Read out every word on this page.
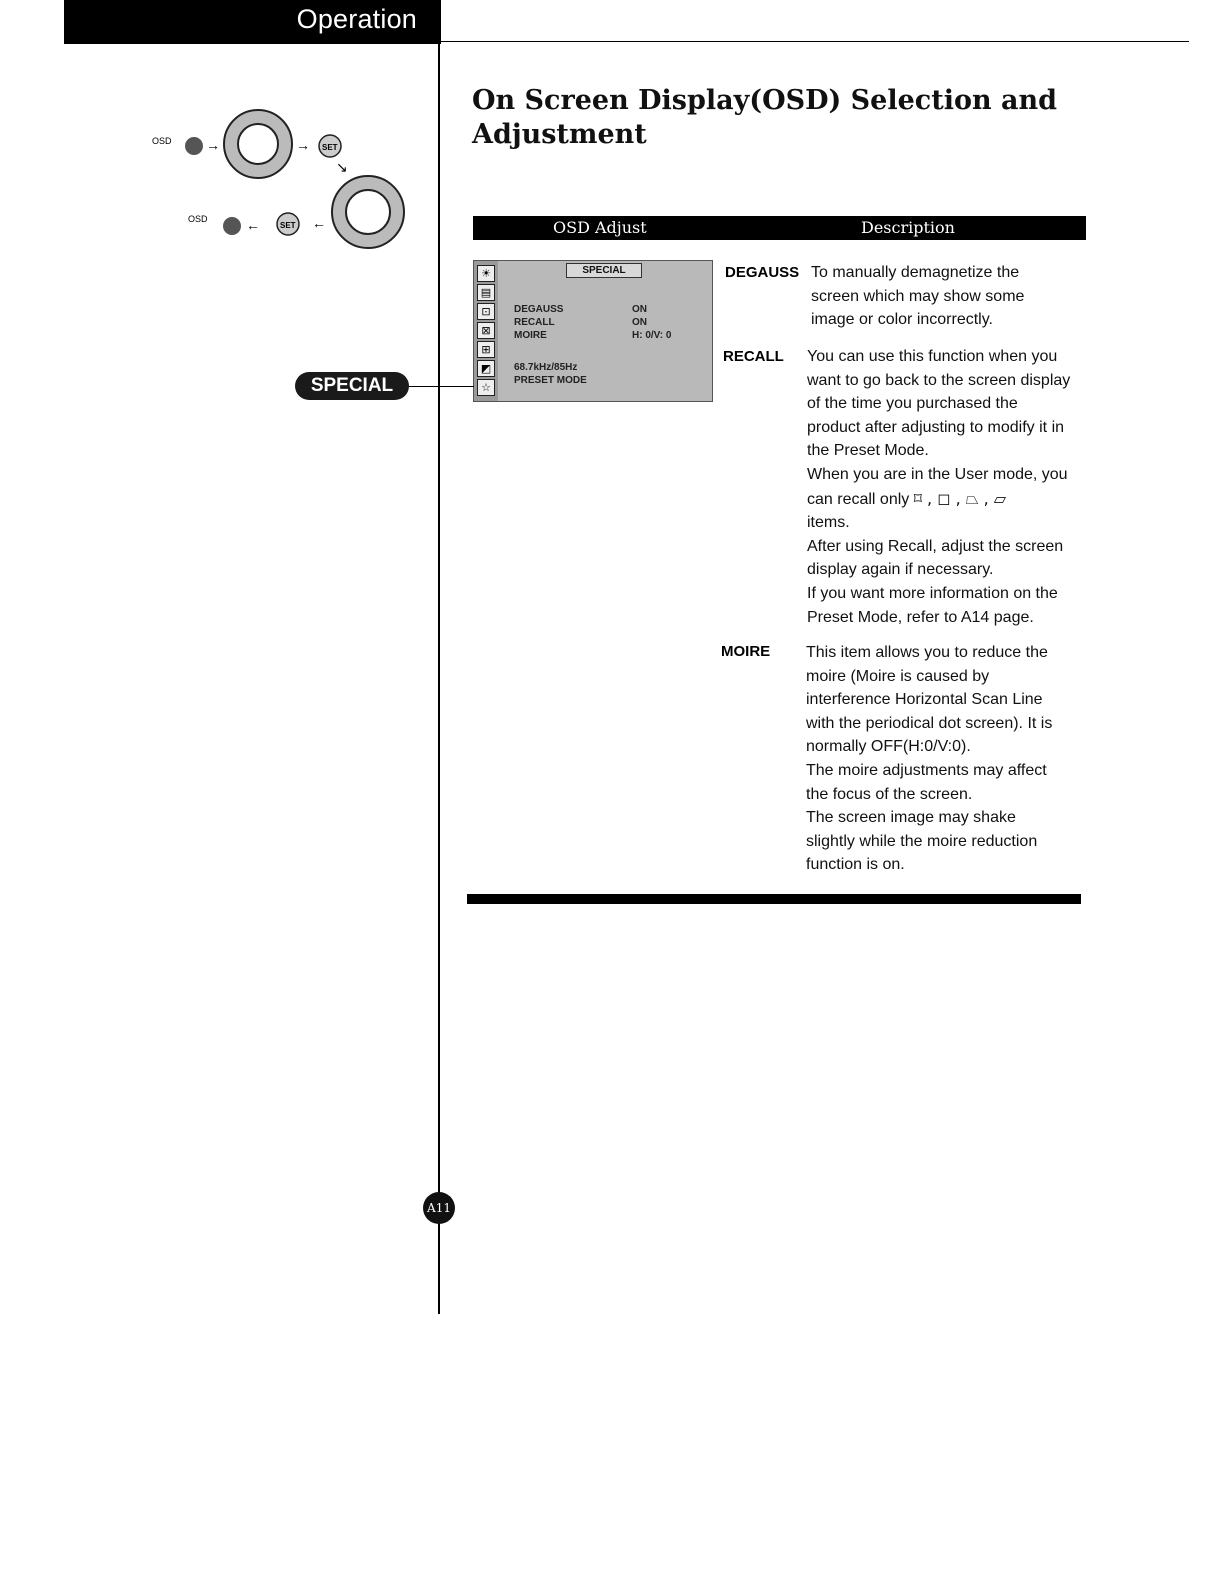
Operation
OSD →	→ SET
↘
←
SET
←
OSD
On Screen Display(OSD) Selection and Adjustment
OSD Adjust	Description
☀
▤
⊡
⊠
⊞
◩
☆
SPECIAL
DEGAUSS	ON
RECALL	ON
MOIRE	H: 0/V: 0
68.7kHz/85Hz
PRESET MODE
SPECIAL
DEGAUSS To manually demagnetize the

screen which may show some

image or color incorrectly.

RECALL You can use this function when you

want to go back to the screen display

of the time you purchased the

product after adjusting to modify it in

the Preset Mode.

When you are in the User mode, you

can recall only ⌑ , ◻ , ⏢ , ⏥

items.

After using Recall, adjust the screen

display again if necessary.

If you want more information on the

Preset Mode, refer to A14 page.

MOIRE This item allows you to reduce the

moire (Moire is caused by

interference Horizontal Scan Line

with the periodical dot screen). It is

normally OFF(H:0/V:0).

The moire adjustments may affect

the focus of the screen.

The screen image may shake

slightly while the moire reduction

function is on.

A11
